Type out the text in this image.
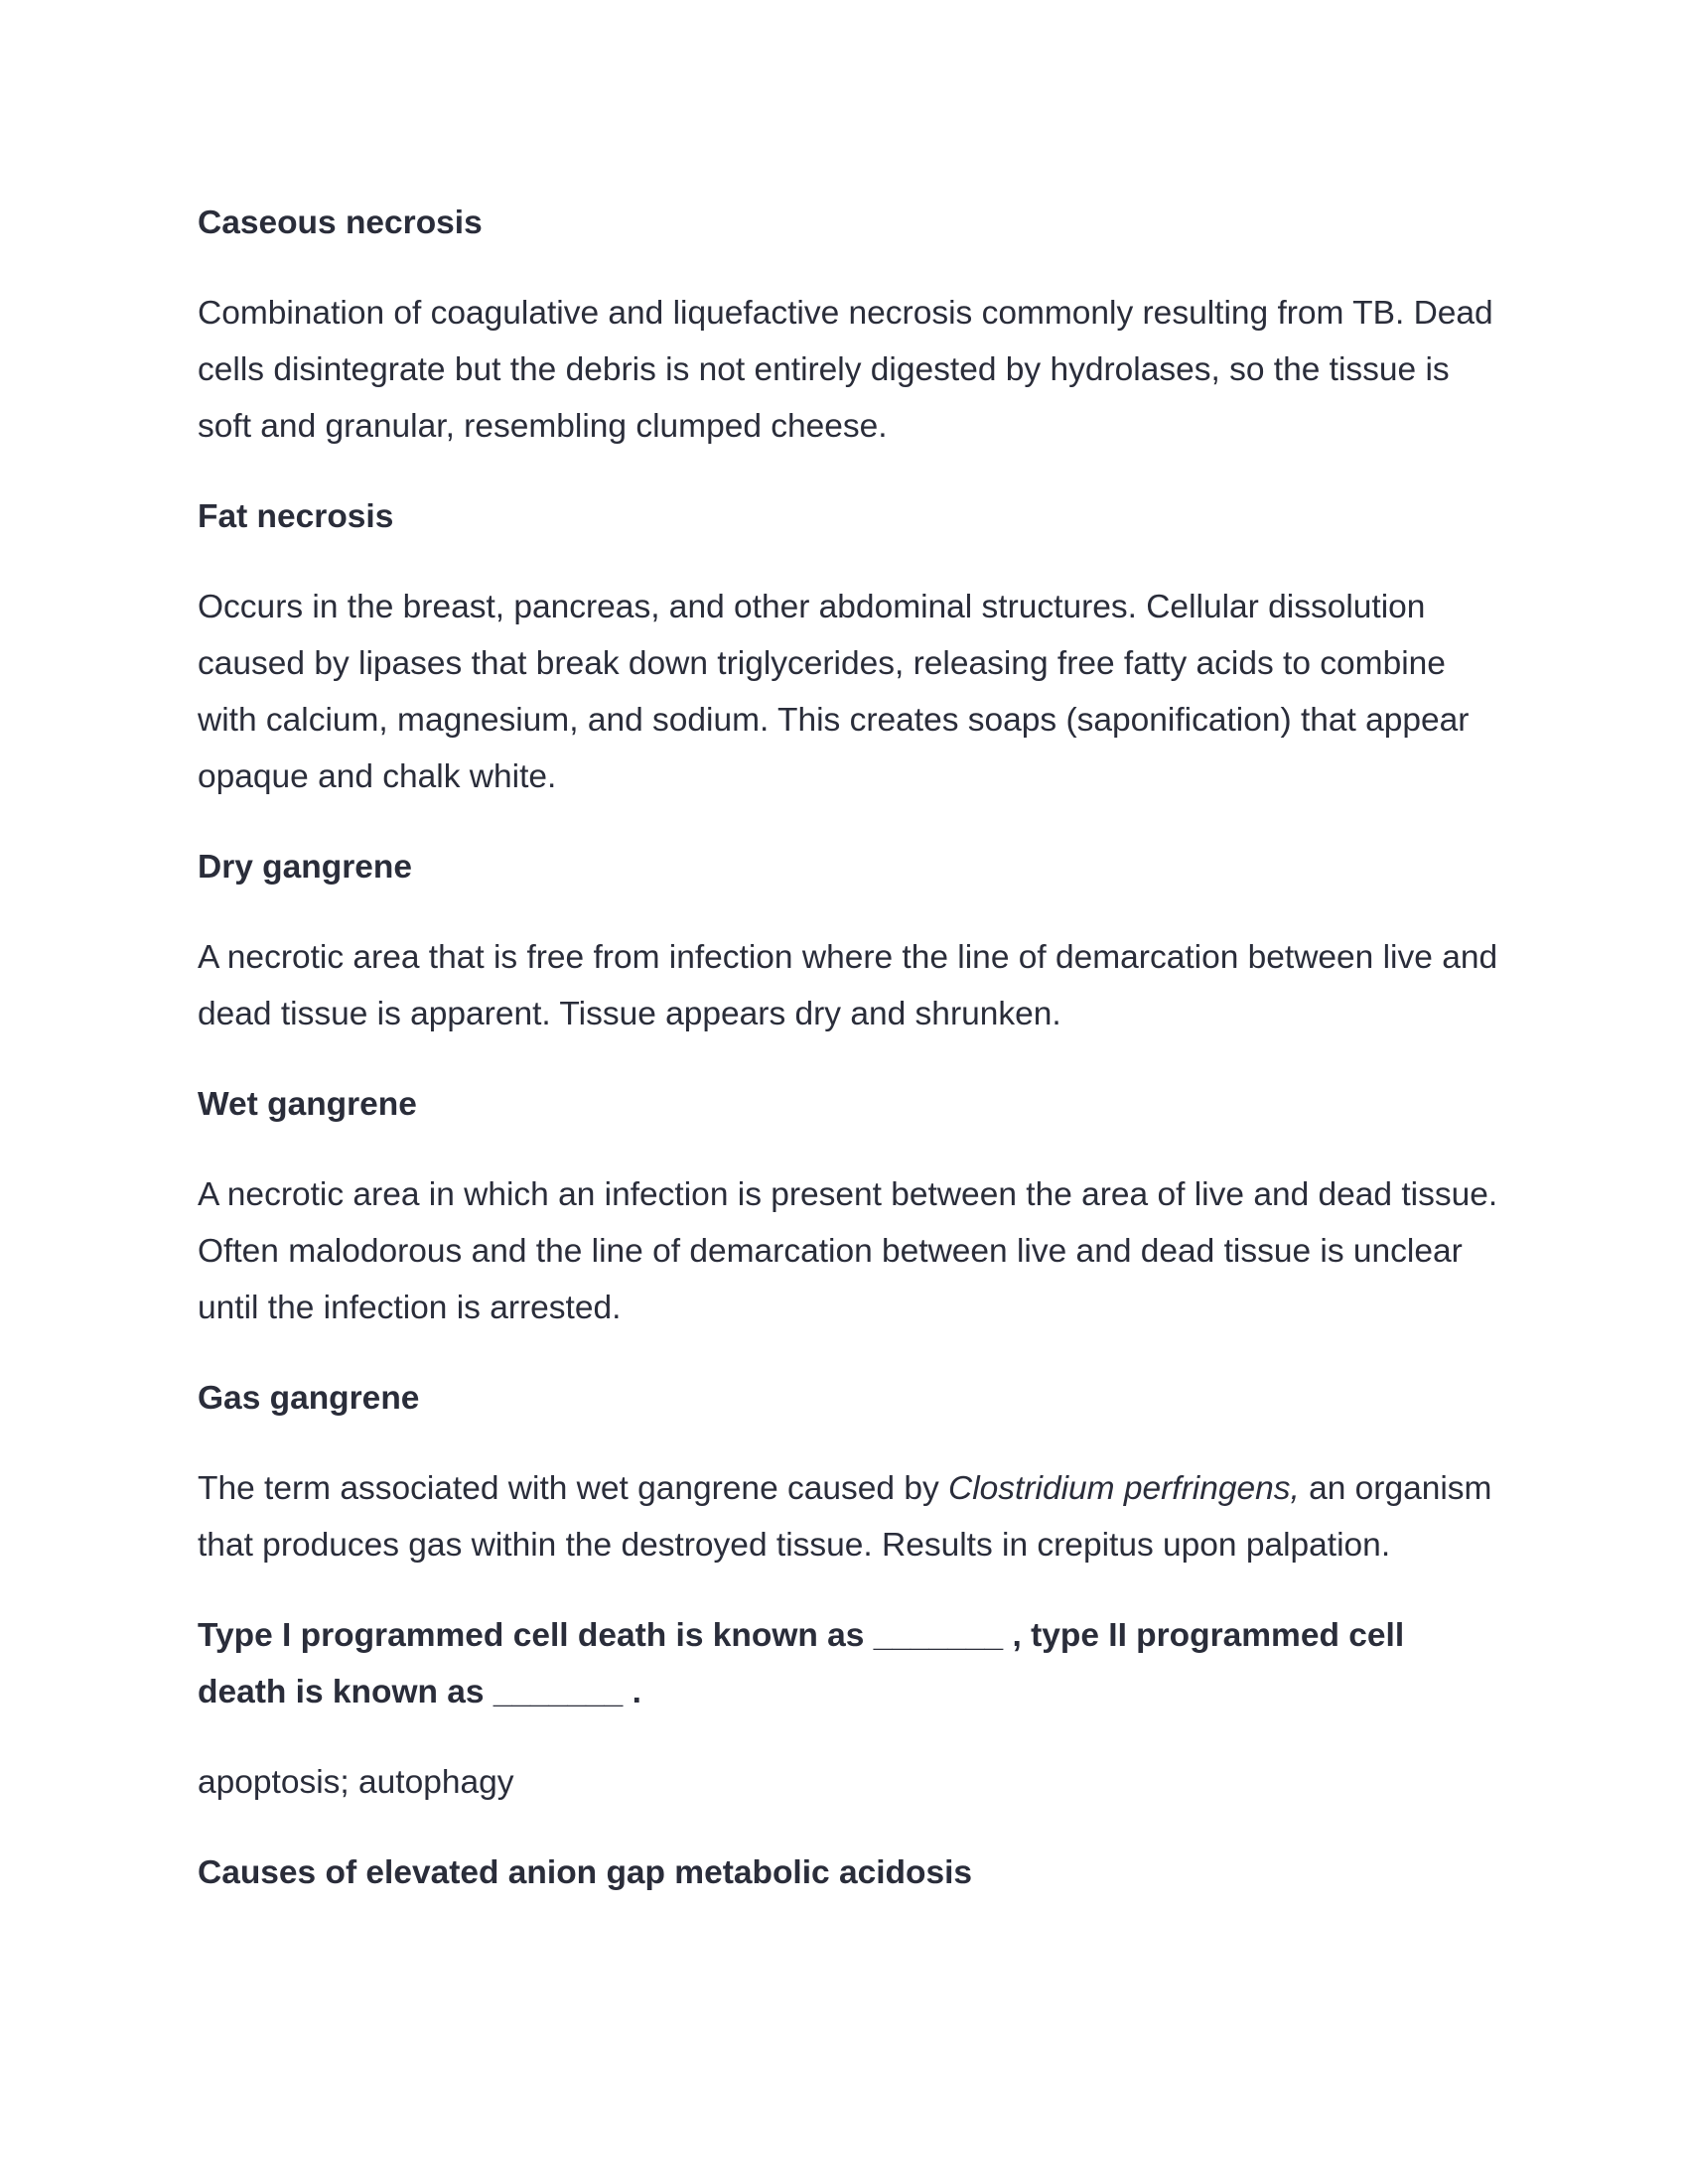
Caseous necrosis
Combination of coagulative and liquefactive necrosis commonly resulting from TB. Dead cells disintegrate but the debris is not entirely digested by hydrolases, so the tissue is soft and granular, resembling clumped cheese.
Fat necrosis
Occurs in the breast, pancreas, and other abdominal structures. Cellular dissolution caused by lipases that break down triglycerides, releasing free fatty acids to combine with calcium, magnesium, and sodium. This creates soaps (saponification) that appear opaque and chalk white.
Dry gangrene
A necrotic area that is free from infection where the line of demarcation between live and dead tissue is apparent. Tissue appears dry and shrunken.
Wet gangrene
A necrotic area in which an infection is present between the area of live and dead tissue. Often malodorous and the line of demarcation between live and dead tissue is unclear until the infection is arrested.
Gas gangrene
The term associated with wet gangrene caused by Clostridium perfringens, an organism that produces gas within the destroyed tissue. Results in crepitus upon palpation.
Type I programmed cell death is known as _______ , type II programmed cell death is known as _______ .
apoptosis; autophagy
Causes of elevated anion gap metabolic acidosis
